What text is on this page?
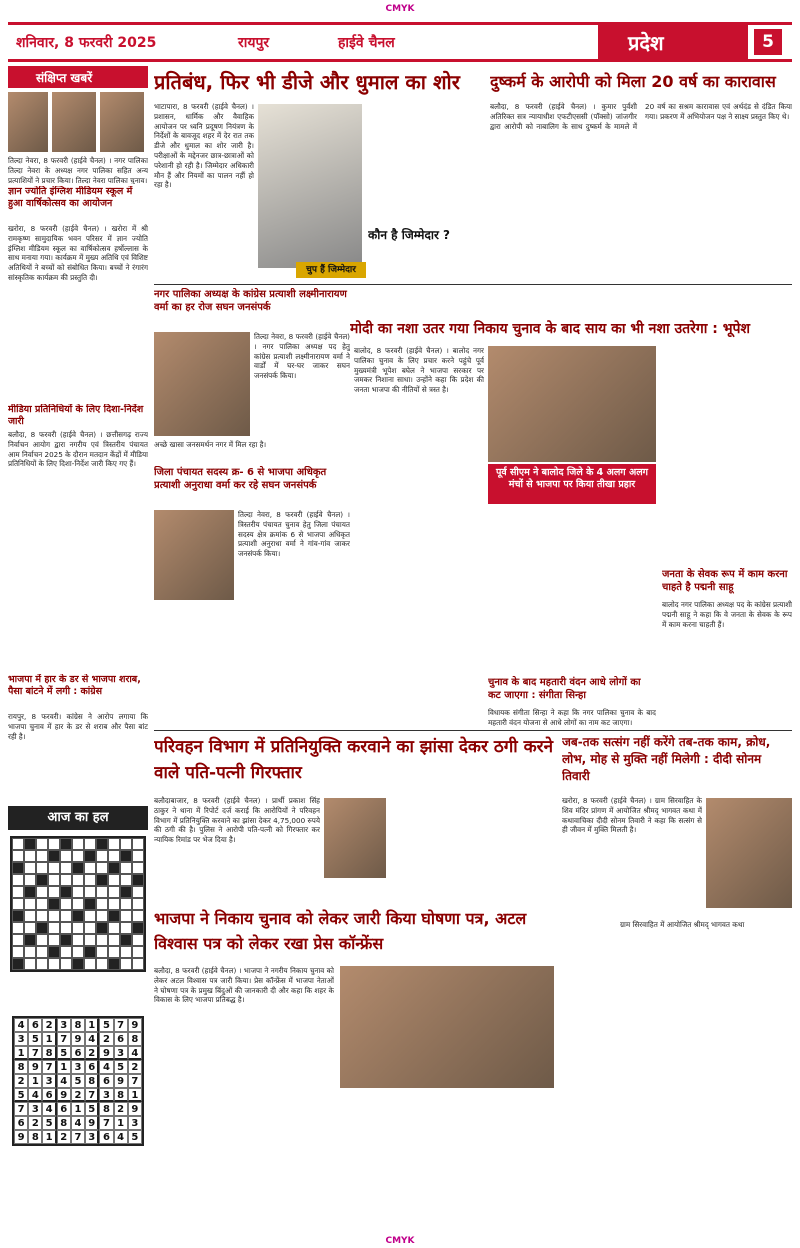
CMYK
शनिवार, 8 फरवरी 2025	रायपुर	हाईवे चैनल	प्रदेश	5
संक्षिप्त खबरें
तिल्दा नेवरा, 8 फरवरी (हाईवे चैनल) । नगर पालिका तिल्दा नेवरा के अध्यक्ष नगर पालिका सहित अन्य प्रत्याशियों ने प्रचार किया। तिल्दा नेवरा पालिका चुनाव।
ज्ञान ज्योति इंग्लिश मीडियम स्कूल में हुआ वार्षिकोत्सव का आयोजन
खरोरा, 8 फरवरी (हाईवे चैनल) । खरोरा में श्री रामकृष्ण सामुदायिक भवन परिसर में ज्ञान ज्योति इंग्लिश मीडियम स्कूल का वार्षिकोत्सव हर्षोल्लास के साथ मनाया गया। कार्यक्रम में मुख्य अतिथि एवं विशिष्ट अतिथियों ने बच्चों को संबोधित किया। बच्चों ने रंगारंग सांस्कृतिक कार्यक्रम की प्रस्तुति दी।
मीडिया प्रतिनिधियों के लिए दिशा-निर्देश जारी
बलौदा, 8 फरवरी (हाईवे चैनल) । छत्तीसगढ़ राज्य निर्वाचन आयोग द्वारा नगरीय एवं त्रिस्तरीय पंचायत आम निर्वाचन 2025 के दौरान मतदान केंद्रों में मीडिया प्रतिनिधियों के लिए दिशा-निर्देश जारी किए गए हैं।
भाजपा में हार के डर से भाजपा शराब, पैसा बांटने में लगी : कांग्रेस
रायपुर, 8 फरवरी। कांग्रेस ने आरोप लगाया कि भाजपा चुनाव में हार के डर से शराब और पैसा बांट रही है।
आज का हल
4 6 2 3 8 1 5 7 9
3 5 1 7 9 4 2 6 8
1 7 8 5 6 2 9 3 4
8 9 7 1 3 6 4 5 2
2 1 3 4 5 8 6 9 7
5 4 6 9 2 7 3 8 1
7 3 4 6 1 5 8 2 9
6 2 5 8 4 9 7 1 3
9 8 1 2 7 3 6 4 5
प्रतिबंध, फिर भी डीजे और धुमाल का शोर
भाटापारा, 8 फरवरी (हाईवे चैनल) । प्रशासन, धार्मिक और वैवाहिक आयोजन पर ध्वनि प्रदूषण नियंत्रण के निर्देशों के बावजूद शहर में देर रात तक डीजे और धुमाल का शोर जारी है। परीक्षाओं के मद्देनजर छात्र-छात्राओं को परेशानी हो रही है। जिम्मेदार अधिकारी मौन हैं और नियमों का पालन नहीं हो रहा है।
चुप हैं जिम्मेदार
कौन है जिम्मेदार ?
दुष्कर्म के आरोपी को मिला 20 वर्ष का कारावास
बलौदा, 8 फरवरी (हाईवे चैनल) । कुमार पुर्वंशी अतिरिक्त सत्र न्यायाधीश एफटीएससी (पॉक्सो) जांजगीर द्वारा आरोपी को नाबालिग के साथ दुष्कर्म के मामले में 20 वर्ष का सश्रम कारावास एवं अर्थदंड से दंडित किया गया। प्रकरण में अभियोजन पक्ष ने साक्ष्य प्रस्तुत किए थे।
नगर पालिका अध्यक्ष के कांग्रेस प्रत्याशी लक्ष्मीनारायण वर्मा का हर रोज सघन जनसंपर्क
तिल्दा नेवरा, 8 फरवरी (हाईवे चैनल) । नगर पालिका अध्यक्ष पद हेतु कांग्रेस प्रत्याशी लक्ष्मीनारायण वर्मा ने वार्डों में घर-घर जाकर सघन जनसंपर्क किया।
अच्छे खासा जनसमर्थन नगर में मिल रहा है।
जिला पंचायत सदस्य क्र- 6 से भाजपा अधिकृत प्रत्याशी अनुराधा वर्मा कर रहे सघन जनसंपर्क
तिल्दा नेवरा, 8 फरवरी (हाईवे चैनल) । त्रिस्तरीय पंचायत चुनाव हेतु जिला पंचायत सदस्य क्षेत्र क्रमांक 6 से भाजपा अधिकृत प्रत्याशी अनुराधा वर्मा ने गांव-गांव जाकर जनसंपर्क किया।
मोदी का नशा उतर गया निकाय चुनाव के बाद साय का भी नशा उतरेगा : भूपेश
बालोद, 8 फरवरी (हाईवे चैनल) । बालोद नगर पालिका चुनाव के लिए प्रचार करने पहुंचे पूर्व मुख्यमंत्री भूपेश बघेल ने भाजपा सरकार पर जमकर निशाना साधा। उन्होंने कहा कि प्रदेश की जनता भाजपा की नीतियों से त्रस्त है।
पूर्व सीएम ने बालोद जिले के 4 अलग अलग मंचों से भाजपा पर किया तीखा प्रहार
जनता के सेवक रूप में काम करना चाहते है पद्मनी साहू
बालोद नगर पालिका अध्यक्ष पद के कांग्रेस प्रत्याशी पद्मनी साहू ने कहा कि वे जनता के सेवक के रूप में काम करना चाहती हैं।
चुनाव के बाद महतारी वंदन आधे लोगों का कट जाएगा : संगीता सिन्हा
विधायक संगीता सिन्हा ने कहा कि नगर पालिका चुनाव के बाद महतारी वंदन योजना से आधे लोगों का नाम कट जाएगा।
परिवहन विभाग में प्रतिनियुक्ति करवाने का झांसा देकर ठगी करने वाले पति-पत्नी गिरफ्तार
बलौदाबाजार, 8 फरवरी (हाईवे चैनल) । प्रार्थी प्रकाश सिंह ठाकुर ने थाना में रिपोर्ट दर्ज कराई कि आरोपियों ने परिवहन विभाग में प्रतिनियुक्ति करवाने का झांसा देकर 4,75,000 रुपये की ठगी की है। पुलिस ने आरोपी पति-पत्नी को गिरफ्तार कर न्यायिक रिमांड पर भेज दिया है।
जब-तक सत्संग नहीं करेंगे तब-तक काम, क्रोध, लोभ, मोह से मुक्ति नहीं मिलेगी : दीदी सोनम तिवारी
खरोरा, 8 फरवरी (हाईवे चैनल) । ग्राम सिरवाहित के शिव मंदिर प्रांगण में आयोजित श्रीमद् भागवत कथा में कथावाचिका दीदी सोनम तिवारी ने कहा कि सत्संग से ही जीवन में मुक्ति मिलती है।
ग्राम सिरवाहित में आयोजित श्रीमद् भागवत कथा
भाजपा ने निकाय चुनाव को लेकर जारी किया घोषणा पत्र, अटल विश्वास पत्र को लेकर रखा प्रेस कॉन्फ्रेंस
बलौदा, 8 फरवरी (हाईवे चैनल) । भाजपा ने नगरीय निकाय चुनाव को लेकर अटल विश्वास पत्र जारी किया। प्रेस कॉन्फ्रेंस में भाजपा नेताओं ने घोषणा पत्र के प्रमुख बिंदुओं की जानकारी दी और कहा कि शहर के विकास के लिए भाजपा प्रतिबद्ध है।
CMYK
